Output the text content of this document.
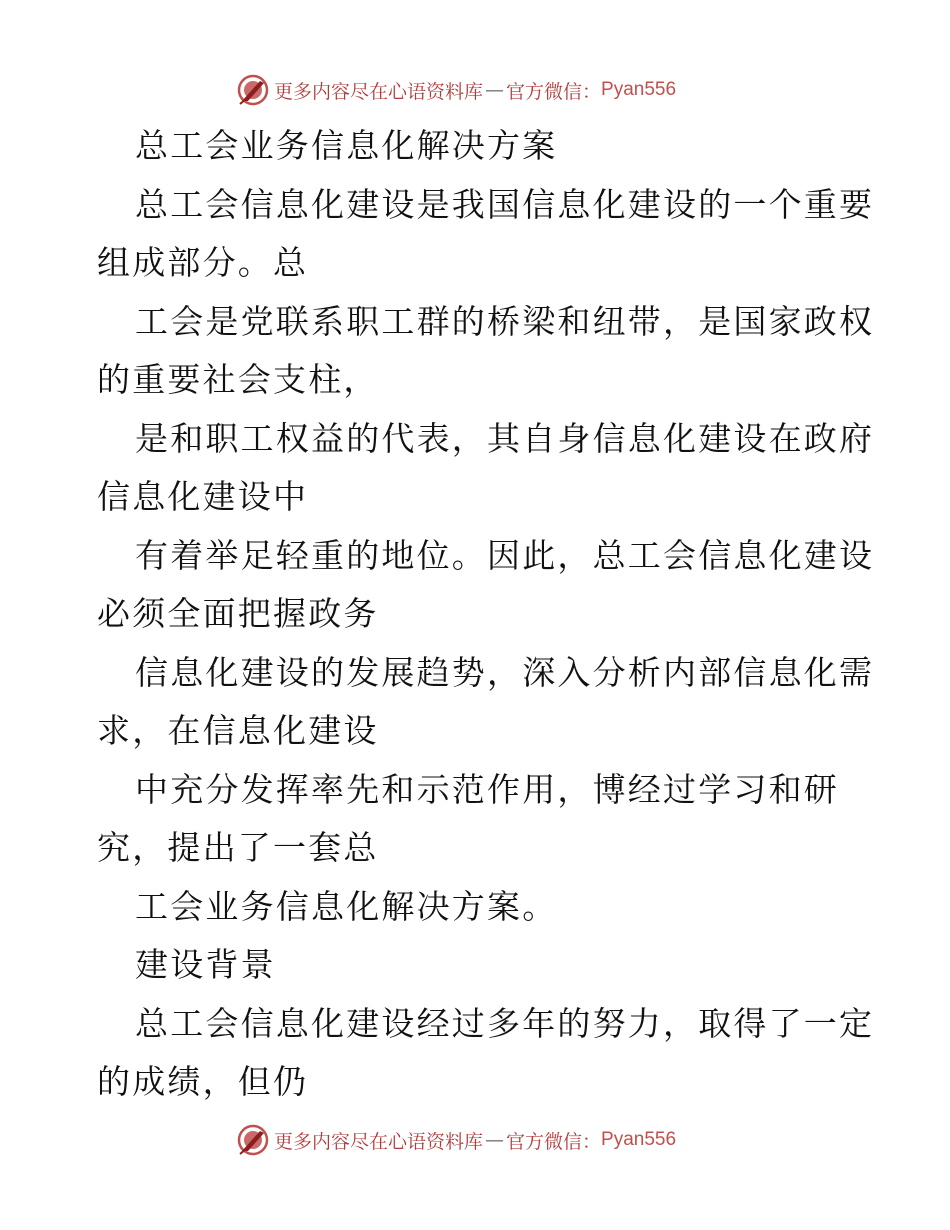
更多内容尽在心语资料库 — 官方微信： Pyan556
总工会业务信息化解决方案
总工会信息化建设是我国信息化建设的一个重要
组成部分。总
工会是党联系职工群的桥梁和纽带，是国家政权
的重要社会支柱，
是和职工权益的代表，其自身信息化建设在政府
信息化建设中
有着举足轻重的地位。因此，总工会信息化建设
必须全面把握政务
信息化建设的发展趋势，深入分析内部信息化需
求，在信息化建设
中充分发挥率先和示范作用，博经过学习和研
究，提出了一套总
工会业务信息化解决方案。
建设背景
总工会信息化建设经过多年的努力，取得了一定
的成绩，但仍
更多内容尽在心语资料库 — 官方微信： Pyan556
